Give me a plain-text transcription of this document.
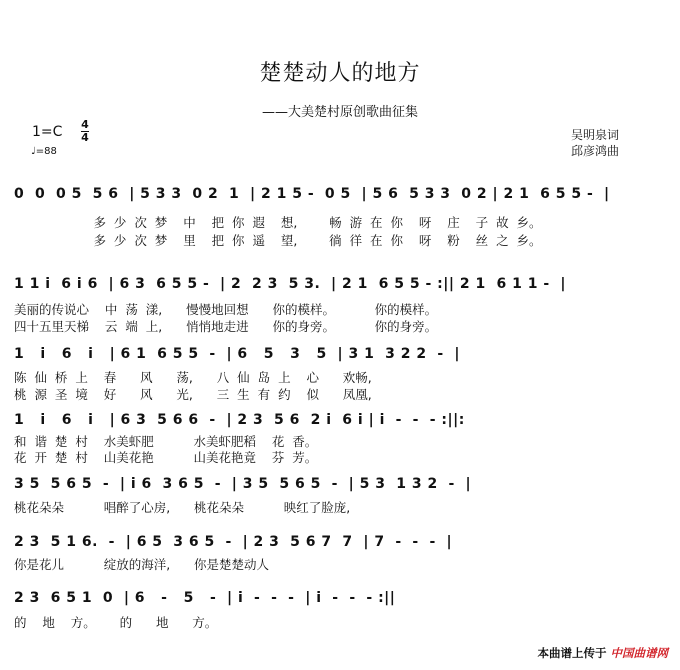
楚楚动人的地方
——大美楚村原创歌曲征集
1=C 4
4
♩=88
吴明泉词
邱彦鸿曲
0  0  0 5  5 6  | 5 3 3  0 2  1  | 2 1 5 -  0 5  | 5 6  5 3 3  0 2 | 2 1  6 5 5 -  |
多  少  次  梦    中    把  你  遐    想,        畅  游  在  你    呀    庄    子  故  乡。
多  少  次  梦    里    把  你  遥    望,        徜  徉  在  你    呀    粉    丝  之  乡。
1 1 i  6 i 6  | 6 3  6 5 5 -  | 2  2 3  5 3.  | 2 1  6 5 5 - :|| 2 1  6 1 1 -  |
美丽的传说心    中  荡  漾,      慢慢地回想      你的模样。          你的模样。
四十五里天梯    云  端  上,      悄悄地走进      你的身旁。          你的身旁。
1   i   6   i   | 6 1  6 5 5  -  | 6   5   3   5  | 3 1  3 2 2  -  |
陈  仙  桥  上    春      风      荡,      八  仙  岛  上    心      欢畅,
桃  源  圣  境    好      风      光,      三  生  有  约    似      凤凰,
1   i   6   i   | 6 3  5 6 6  -  | 2 3  5 6  2 i  6 i | i  -  -  - :||:
和  谐  楚  村    水美虾肥          水美虾肥稻    花  香。
花  开  楚  村    山美花艳          山美花艳竟    芬  芳。
3 5  5 6 5  -  | i 6  3 6 5  -  | 3 5  5 6 5  -  | 5 3  1 3 2  -  |
桃花朵朵          唱醉了心房,      桃花朵朵          映红了脸庞,
2 3  5 1 6.  -  | 6 5  3 6 5  -  | 2 3  5 6 7  7  | 7  -  -  -  |
你是花儿          绽放的海洋,      你是楚楚动人
2 3  6 5 1  0  | 6   -   5   -  | i  -  -  -  | i  -  -  - :||
的    地    方。      的      地      方。
本曲谱上传于 中国曲谱网
